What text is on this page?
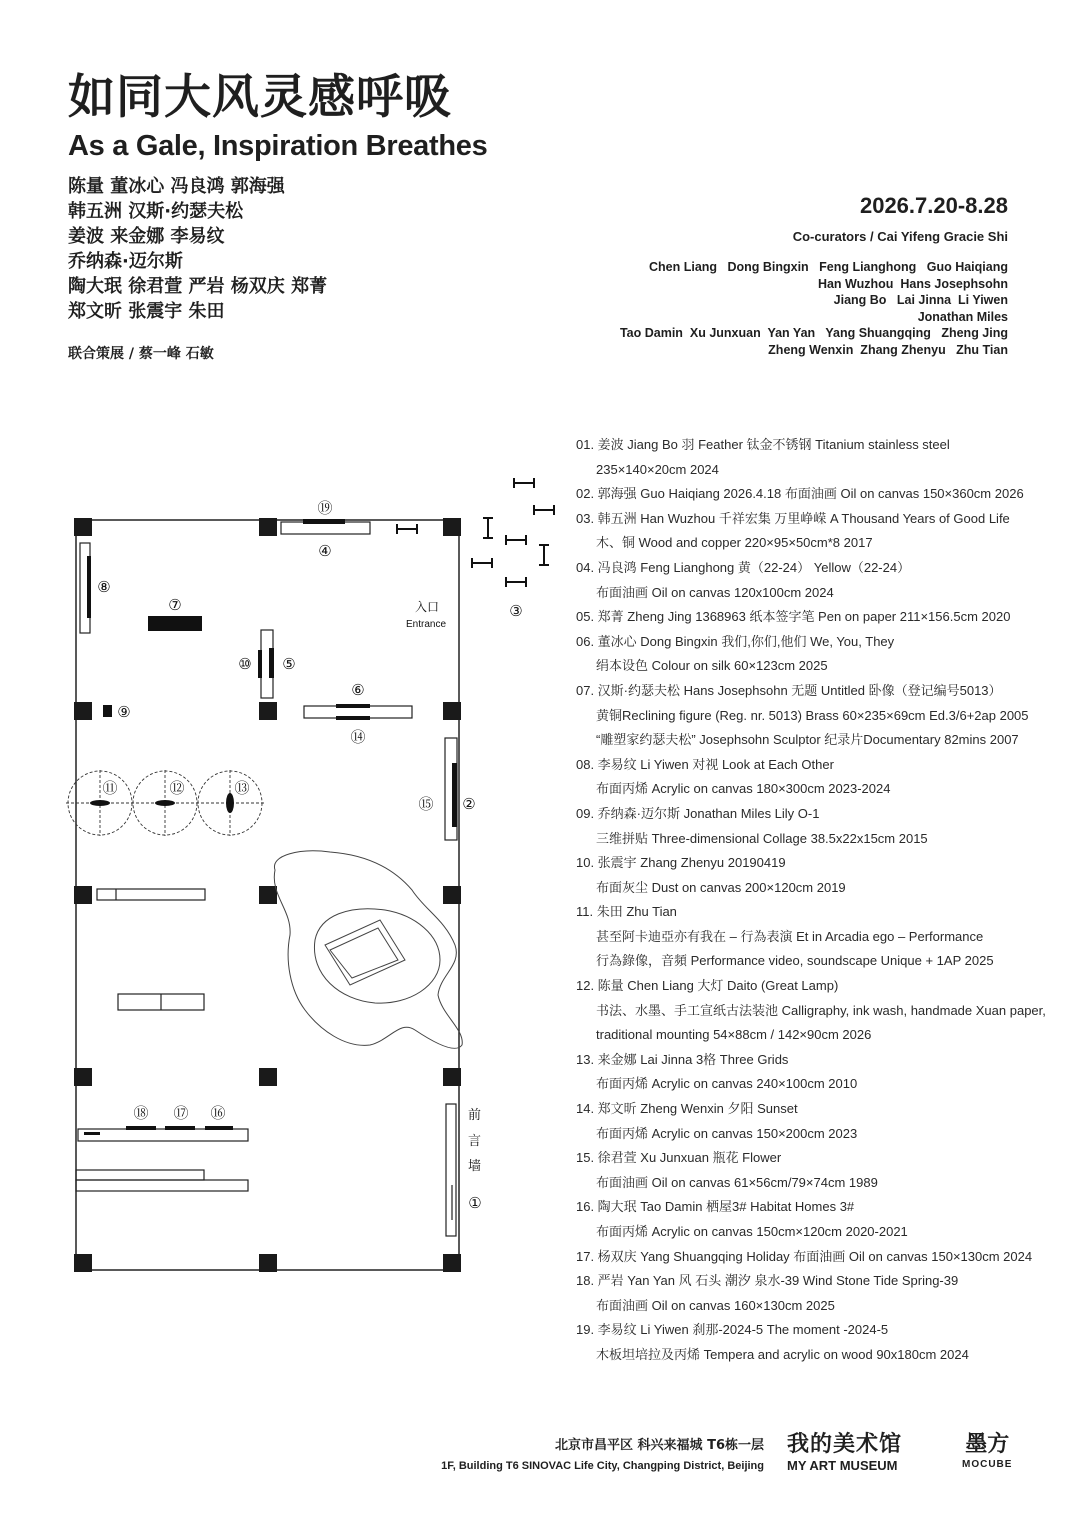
如同大风灵感呼吸
As a Gale, Inspiration Breathes
陈量 董冰心 冯良鸿 郭海强
韩五洲 汉斯·约瑟夫松
姜波 来金娜 李易纹
乔纳森·迈尔斯
陶大珉 徐君萱 严岩 杨双庆 郑菁
郑文昕 张震宇 朱田
联合策展 / 蔡一峰 石敏
2026.7.20-8.28
Co-curators / Cai Yifeng Gracie Shi
Chen Liang   Dong Bingxin   Feng Lianghong   Guo Haiqiang
Han Wuzhou  Hans Josephsohn
Jiang Bo   Lai Jinna  Li Yiwen
Jonathan Miles
Tao Damin  Xu Junxuan  Yan Yan   Yang Shuangqing   Zheng Jing
Zheng Wenxin  Zhang Zhenyu   Zhu Tian
入口
Entrance
前
言
墙
①
②
③
④
⑤
⑥
⑦
⑧
⑨
⑩
⑪	⑫	⑬
⑭
⑮
⑯
⑰
⑱
⑲
01. 姜波 Jiang Bo 羽 Feather 钛金不锈钢 Titanium stainless steel
235×140×20cm 2024
02. 郭海强 Guo Haiqiang 2026.4.18 布面油画 Oil on canvas 150×360cm 2026
03. 韩五洲 Han Wuzhou 千祥宏集 万里峥嵘 A Thousand Years of Good Life
木、铜 Wood and copper 220×95×50cm*8 2017
04. 冯良鸿 Feng Lianghong 黄（22-24） Yellow（22-24）
布面油画 Oil on canvas 120x100cm 2024
05. 郑菁 Zheng Jing 1368963 纸本签字笔 Pen on paper 211×156.5cm 2020
06. 董冰心 Dong Bingxin 我们,你们,他们 We, You, They
绢本设色 Colour on silk 60×123cm 2025
07. 汉斯·约瑟夫松 Hans Josephsohn 无题 Untitled 卧像（登记编号5013）
黄铜Reclining figure (Reg. nr. 5013) Brass 60×235×69cm Ed.3/6+2ap 2005
“雕塑家约瑟夫松” Josephsohn Sculptor 纪录片Documentary 82mins 2007
08. 李易纹 Li Yiwen 对视 Look at Each Other
布面丙烯 Acrylic on canvas 180×300cm 2023-2024
09. 乔纳森·迈尔斯 Jonathan Miles Lily O-1
三维拼贴 Three-dimensional Collage 38.5x22x15cm 2015
10. 张震宇 Zhang Zhenyu 20190419
布面灰尘 Dust on canvas 200×120cm 2019
11. 朱田 Zhu Tian
甚至阿卡迪亞亦有我在 – 行為表演 Et in Arcadia ego – Performance
行為錄像，音頻 Performance video, soundscape Unique + 1AP 2025
12. 陈量 Chen Liang 大灯 Daito (Great Lamp)
书法、水墨、手工宣纸古法装池 Calligraphy, ink wash, handmade Xuan paper,
traditional mounting 54×88cm / 142×90cm 2026
13. 来金娜 Lai Jinna 3格 Three Grids
布面丙烯 Acrylic on canvas 240×100cm 2010
14. 郑文昕 Zheng Wenxin 夕阳 Sunset
布面丙烯 Acrylic on canvas 150×200cm 2023
15. 徐君萱 Xu Junxuan 瓶花 Flower
布面油画 Oil on canvas 61×56cm/79×74cm 1989
16. 陶大珉 Tao Damin 栖屋3# Habitat Homes 3#
布面丙烯 Acrylic on canvas 150cm×120cm 2020-2021
17. 杨双庆 Yang Shuangqing Holiday 布面油画 Oil on canvas 150×130cm 2024
18. 严岩 Yan Yan 风 石头 潮汐 泉水-39 Wind Stone Tide Spring-39
布面油画 Oil on canvas 160×130cm 2025
19. 李易纹 Li Yiwen 刹那-2024-5 The moment -2024-5
木板坦培拉及丙烯 Tempera and acrylic on wood 90x180cm 2024
北京市昌平区 科兴来福城 T6栋一层
1F, Building T6 SINOVAC Life City, Changping District, Beijing
我的美术馆
MY ART MUSEUM
墨方
MOCUBE
